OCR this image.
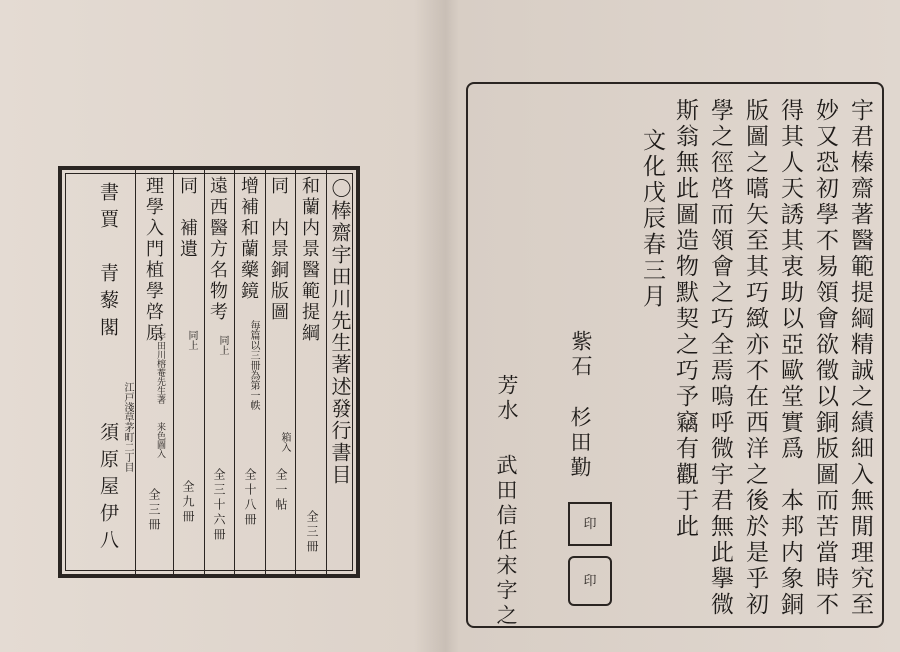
〇棒齋宇田川先生著述發行書目
和蘭内景醫範提綱
全三冊
同　内景銅版圖
箱入
全一帖
增補和蘭藥鏡
毎篇以三冊為第一帙
全十八冊
遠西醫方名物考
同上
全三十六冊
同　補遺
同上
全九冊
理學入門植學啓原
宇田川榕菴先生著　　来色圖入
全三冊
書賈　青藜閣
江戸淺草茅町二丁目
須原屋伊八	宇君榛齋著醫範提綱精誠之績細入無閒理究至
妙又恐初學不易領會欲徵以銅版圖而苦當時不
得其人天誘其衷助以亞歐堂實爲　本邦内象銅
版圖之嚆矢至其巧緻亦不在西洋之後於是乎初
學之徑啓而領會之巧全焉嗚呼微宇君無此擧微
斯翁無此圖造物默契之巧予竊有觀于此
文化戊辰春三月
紫石
杉田勤
印
印
芳水
武田信任宋字之
